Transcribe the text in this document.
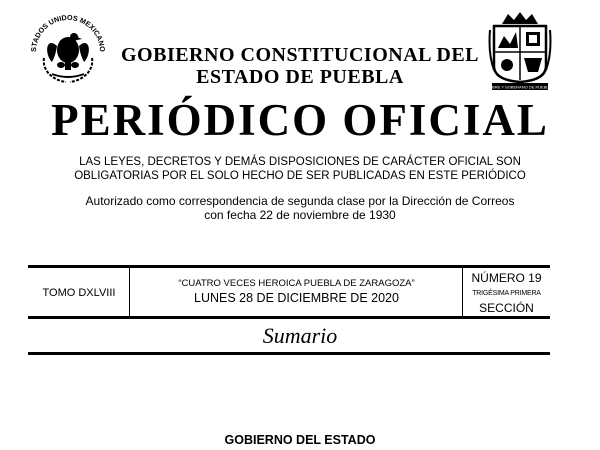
STADOS UNIDOS MEXICANO
LIBRE Y SOBERANO DE PUEBLA
GOBIERNO CONSTITUCIONAL DEL
ESTADO DE PUEBLA
PERIÓDICO OFICIAL
LAS LEYES, DECRETOS Y DEMÁS DISPOSICIONES DE CARÁCTER OFICIAL SON
OBLIGATORIAS POR EL SOLO HECHO DE SER PUBLICADAS EN ESTE PERIÓDICO
Autorizado como correspondencia de segunda clase por la Dirección de Correos
con fecha 22 de noviembre de 1930
TOMO DXLVIII
“CUATRO VECES HEROICA PUEBLA DE ZARAGOZA”
LUNES 28 DE DICIEMBRE DE 2020
NÚMERO 19
TRIGÉSIMA PRIMERA
SECCIÓN
Sumario
GOBIERNO DEL ESTADO
